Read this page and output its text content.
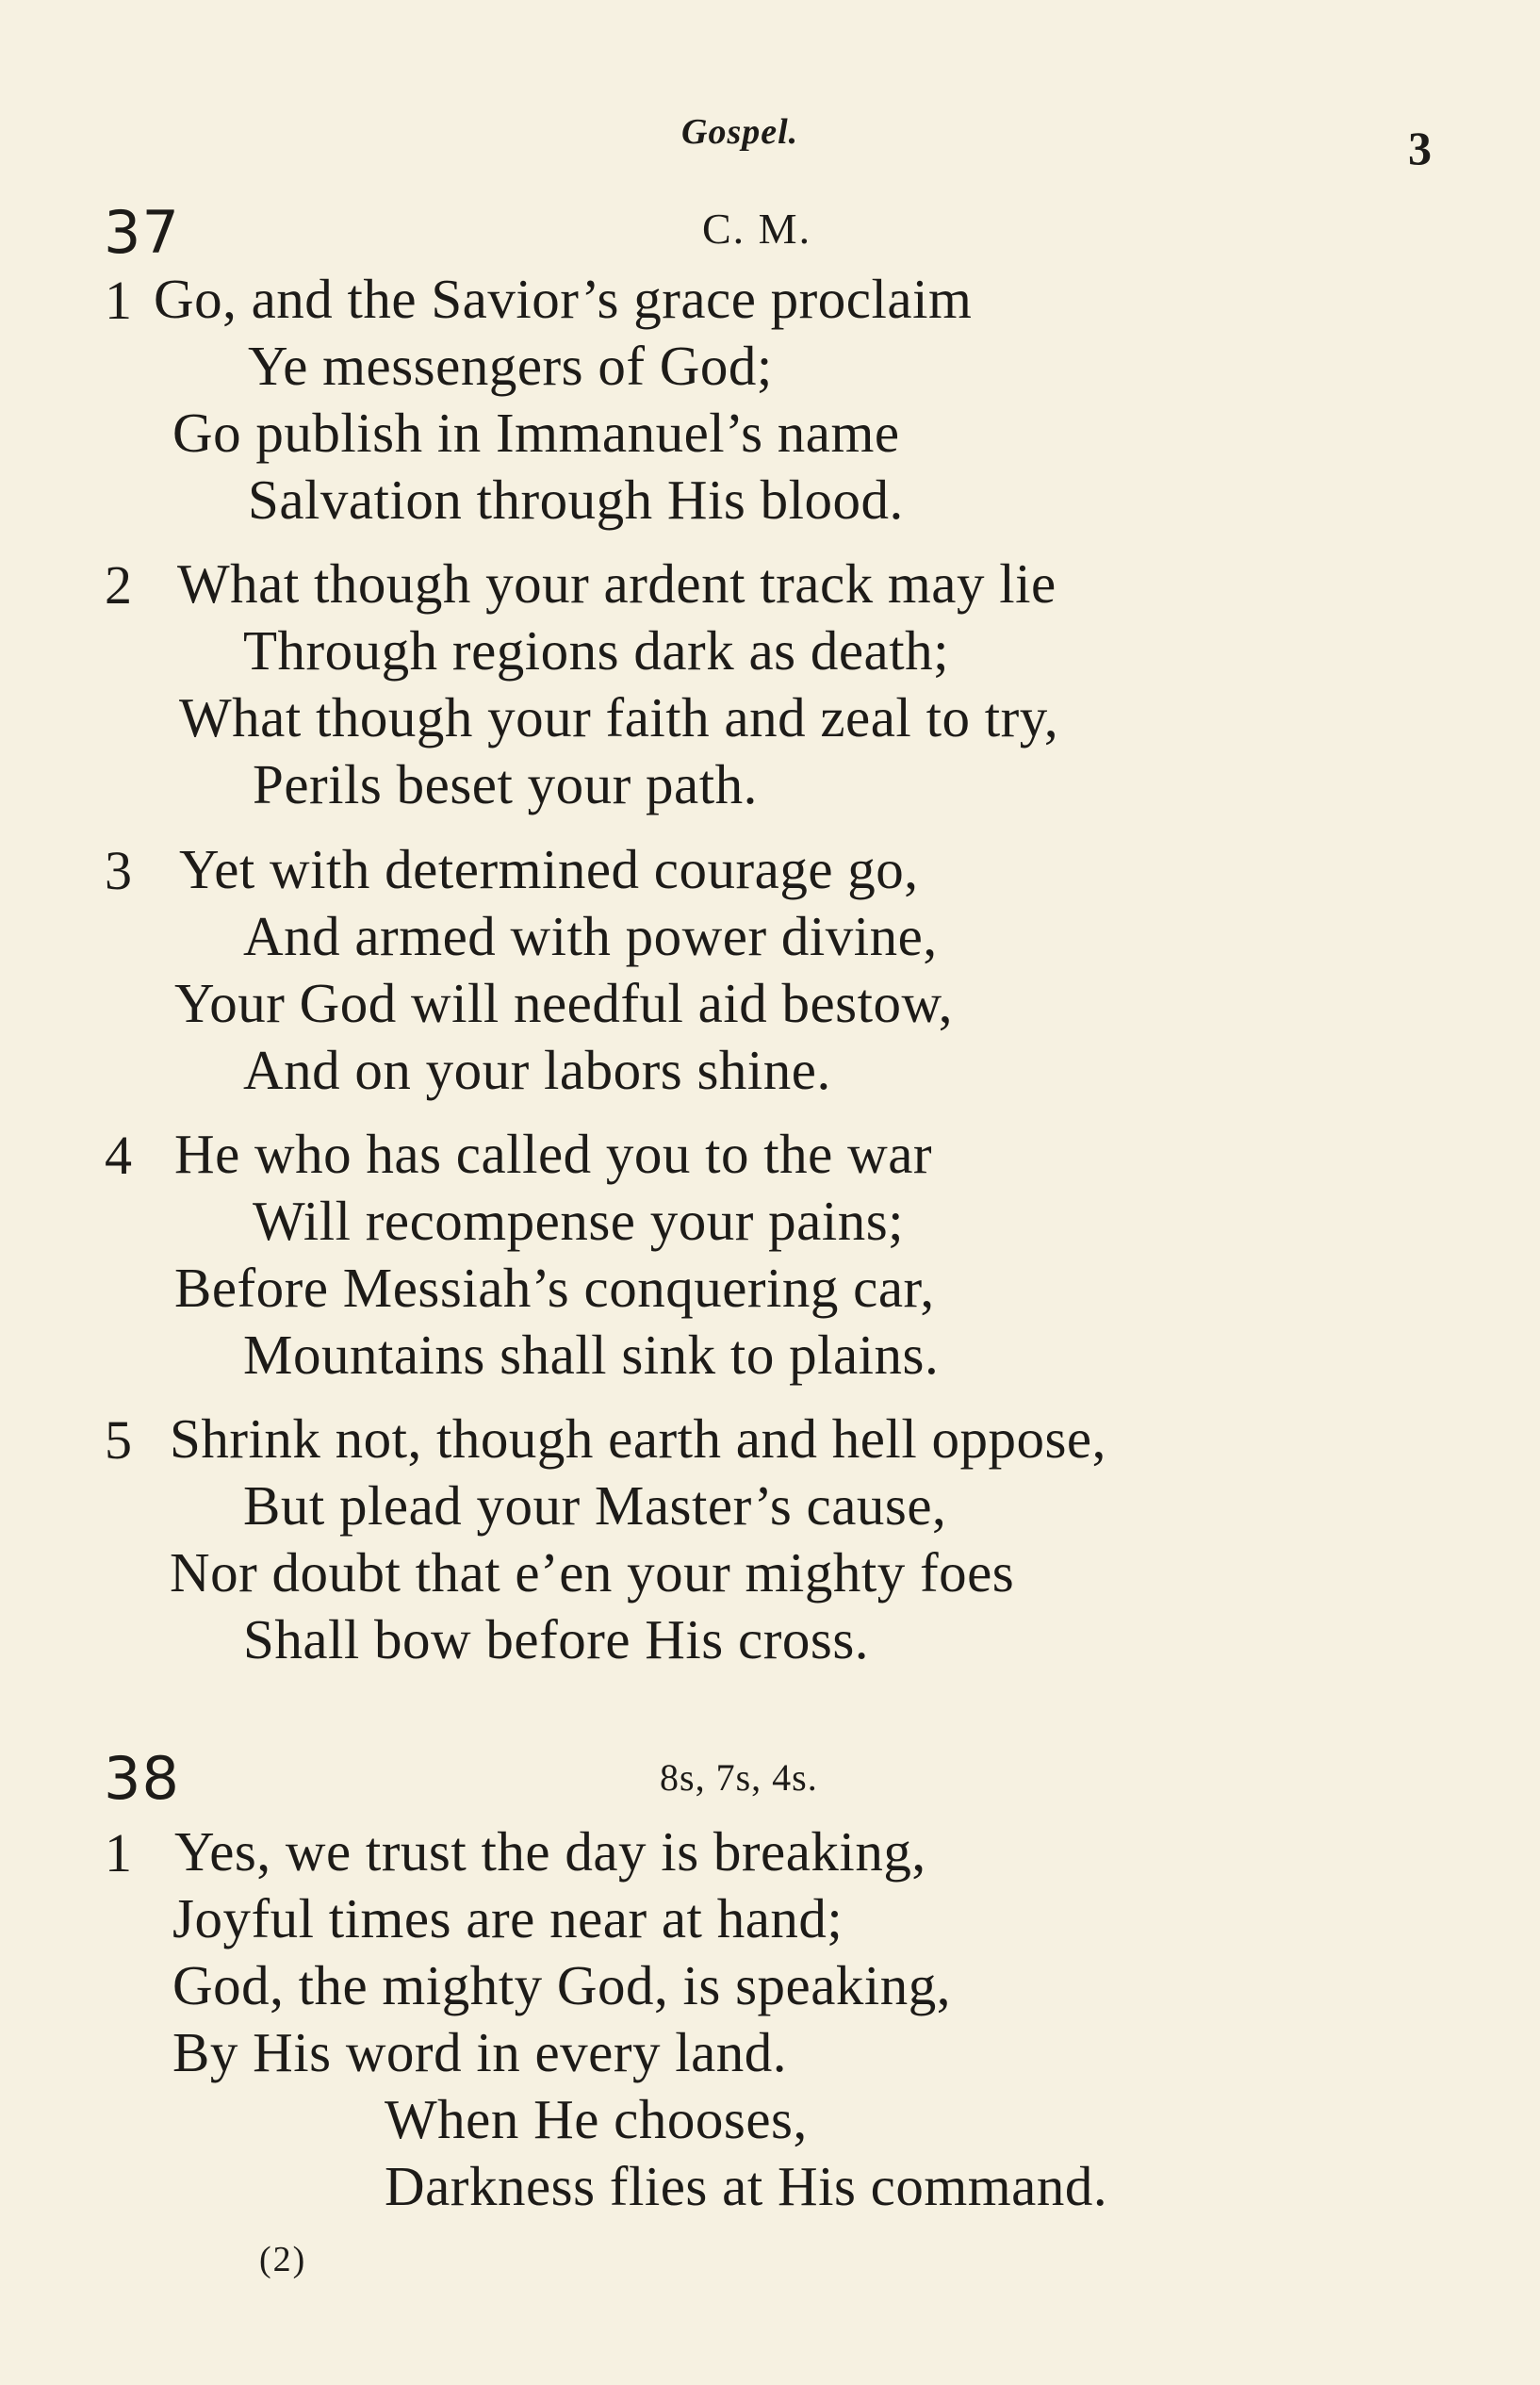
Gospel.	3
37	C. M.
1 Go, and the Savior’s grace proclaim
Ye messengers of God;
Go publish in Immanuel’s name
Salvation through His blood.
2 What though your ardent track may lie
Through regions dark as death;
What though your faith and zeal to try,
Perils beset your path.
3 Yet with determined courage go,
And armed with power divine,
Your God will needful aid bestow,
And on your labors shine.
4 He who has called you to the war
Will recompense your pains;
Before Messiah’s conquering car,
Mountains shall sink to plains.
5 Shrink not, though earth and hell oppose,
But plead your Master’s cause,
Nor doubt that e’en your mighty foes
Shall bow before His cross.
38	8s, 7s, 4s.
1 Yes, we trust the day is breaking,
Joyful times are near at hand;
God, the mighty God, is speaking,
By His word in every land.
When He chooses,
Darkness flies at His command.
(2)
